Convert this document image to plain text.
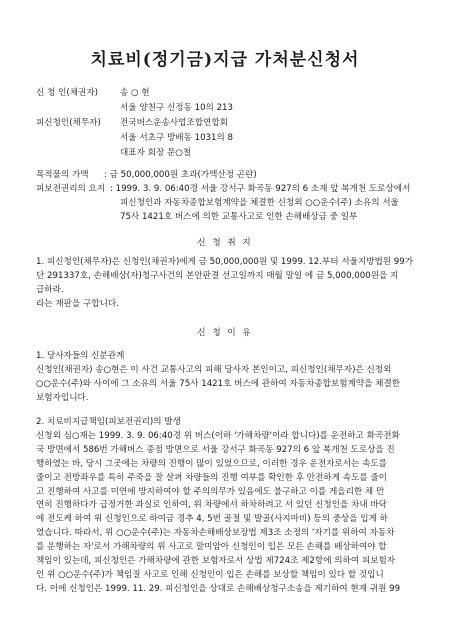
치료비(정기금)지급 가처분신청서
신 청 인(채권자)	송 ○ 현
서울 양천구 신정동 10의 213
피신청인(채무자) 전국버스운송사업조합연합회
서울 서초구 방배동 1031의 8
대표자 회장 문○철
목적물의 가액 : 금 50,000,000원 초과(가액산정 곤란)
피보전권리의 요지 : 1999. 3. 9. 06:40경 서울 강서구 화곡동 927의 6 소재 앞 복개천 도로상에서
피신청인과 자동차종합보험계약을 체결한 신청외 ○○운수(주) 소유의 서울
75사 1421호 버스에 의한 교통사고로 인한 손해배상금 중 일부
신 청 취 지
1. 피신청인(채무자)은 신청인(채권자)에게 금 50,000,000원 및 1999. 12.부터 서울지방법원 99가
단 291337호, 손해배상(자)청구사건의 본안판결 선고일까지 매월 말일 에 금 5,000,000원을 지
급하라.
라는 재판을 구합니다.
신 청 이 유
1. 당사자들의 신분관계
신청인(채권자) 송○현은 이 사건 교통사고의 피해 당사자 본인이고, 피신청인(채무자)은 신청외
○○운수(주)와 사이에 그 소유의 서울 75사 1421호 버스에 관하여 자동차종합보험계약을 체결한
보험자입니다.
2. 치료비지급책임(피보전권리)의 발생
신청외 심○재는 1999. 3. 9. 06:40경 위 버스(이하 '가해차량'이라 합니다)를 운전하고 화곡전화
국 방면에서 586번 가해버스 종점 방면으로 서울 강서구 화곡동 927의 6 앞 복개천 도로상을 진
행하였는 바, 당시 그곳에는 차량의 진행이 많이 있었으므로, 이러한 경우 운전자로서는 속도를
줄이고 전방좌우를 특히 주죽을 잘 살펴 차량들의 진행 여부를 확인한 후 안전하게 속도를 줄이
고 진행하여 사고를 미연에 방지하여야 할 주의의무가 있음에도 불구하고 이를 게을리한 채 만
연히 진행하다가 급정거한 과실로 인하여, 위 차량에서 하차하려고 서 있던 신청인을 차내 바닥
에 전도케 하여 위 신청인으로 하여금 경추 4, 5번 골절 및 발골(사지마비) 등의 중상을 입게 하
였습니다. 따라서, 위 ○○운수(주)는 자동차손해배상보장법 제3조 소정의 '자기를 위하여 자동차
를 운행하는 자'로서 가해차량의 위 사고로 말미암아 신청인이 입은 모든 손해를 배상하여야 할
책임이 있는데, 피신청인은 가해차량에 관한 보험자로서 상법 제724조 제2항에 의하여 피보험자
인 위 ○○운수(주)가 책임질 사고로 인해 신청인이 입은 손해를 보상할 책임이 있다 할 것입니
다. 이에 신청인은 1999. 11. 29. 피신청인을 상대로 손해배상청구소송을 제기하여 현재 귀원 99
